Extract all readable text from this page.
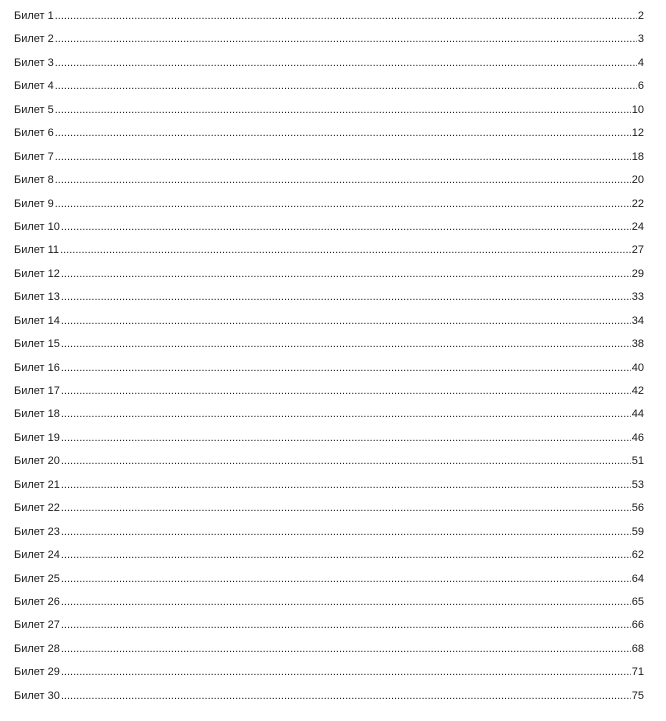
Билет 1 .....	2
Билет 2 .....	3
Билет 3 .....	4
Билет 4 .....	6
Билет 5 .....	10
Билет 6 .....	12
Билет 7 .....	18
Билет 8 .....	20
Билет 9 .....	22
Билет 10 .....	24
Билет 11 .....	27
Билет 12 .....	29
Билет 13 .....	33
Билет 14 .....	34
Билет 15 .....	38
Билет 16 .....	40
Билет 17 .....	42
Билет 18 .....	44
Билет 19 .....	46
Билет 20 .....	51
Билет 21 .....	53
Билет 22 .....	56
Билет 23 .....	59
Билет 24 .....	62
Билет 25 .....	64
Билет 26 .....	65
Билет 27 .....	66
Билет 28 .....	68
Билет 29 .....	71
Билет 30 .....	75
